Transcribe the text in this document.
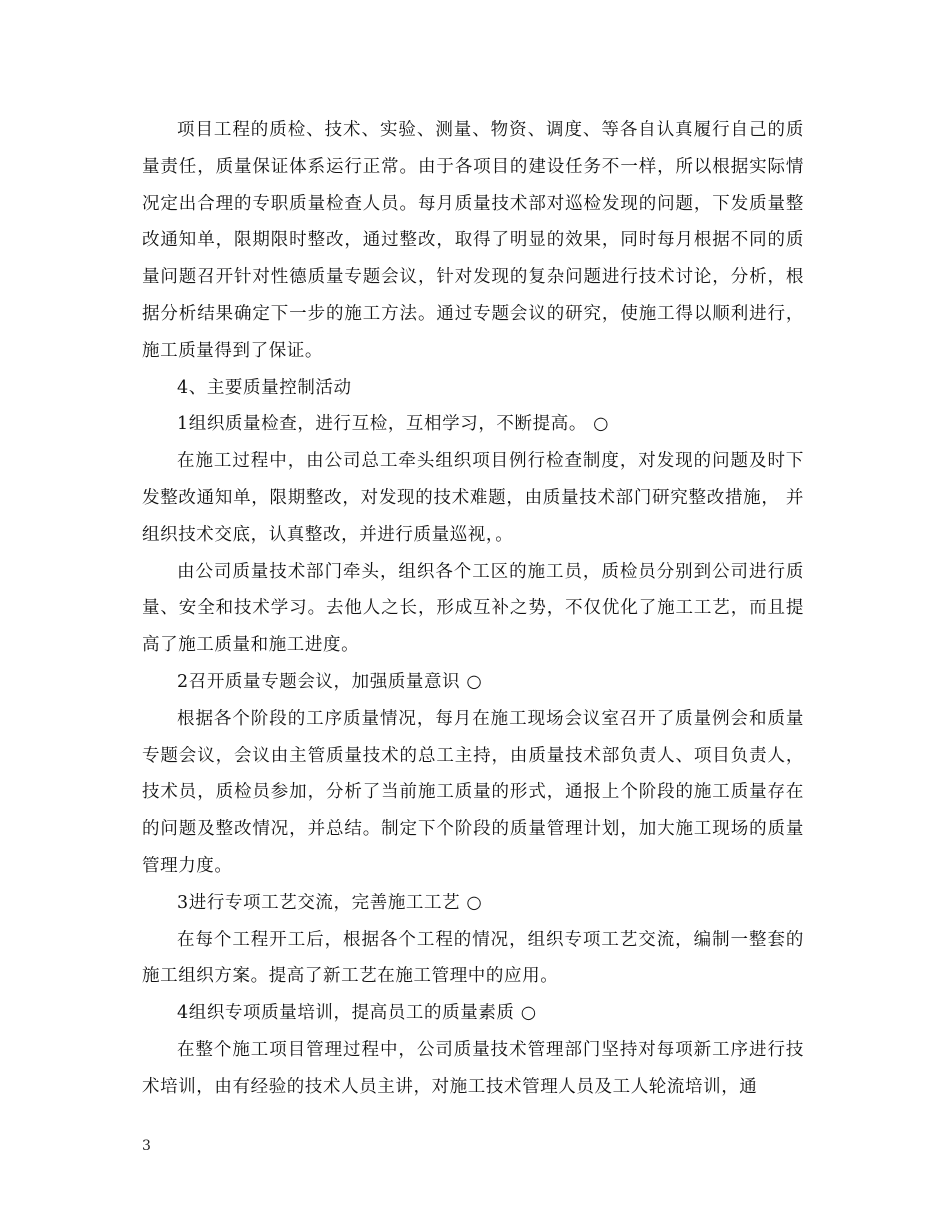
项目工程的质检、技术、实验、测量、物资、调度、等各自认真履行自己的质量责任，质量保证体系运行正常。由于各项目的建设任务不一样，所以根据实际情况定出合理的专职质量检查人员。每月质量技术部对巡检发现的问题，下发质量整改通知单，限期限时整改，通过整改，取得了明显的效果，同时每月根据不同的质量问题召开针对性德质量专题会议，针对发现的复杂问题进行技术讨论，分析，根据分析结果确定下一步的施工方法。通过专题会议的研究，使施工得以顺利进行，施工质量得到了保证。

4、主要质量控制活动

1组织质量检查，进行互检，互相学习，不断提高。 ○

在施工过程中，由公司总工牵头组织项目例行检查制度，对发现的问题及时下发整改通知单，限期整改，对发现的技术难题，由质量技术部门研究整改措施， 并组织技术交底，认真整改，并进行质量巡视，。

由公司质量技术部门牵头，组织各个工区的施工员，质检员分别到公司进行质量、安全和技术学习。去他人之长，形成互补之势，不仅优化了施工工艺，而且提高了施工质量和施工进度。

2召开质量专题会议，加强质量意识 ○

根据各个阶段的工序质量情况，每月在施工现场会议室召开了质量例会和质量专题会议，会议由主管质量技术的总工主持，由质量技术部负责人、项目负责人，技术员，质检员参加，分析了当前施工质量的形式，通报上个阶段的施工质量存在的问题及整改情况，并总结。制定下个阶段的质量管理计划，加大施工现场的质量管理力度。

3进行专项工艺交流，完善施工工艺 ○

在每个工程开工后，根据各个工程的情况，组织专项工艺交流，编制一整套的施工组织方案。提高了新工艺在施工管理中的应用。

4组织专项质量培训，提高员工的质量素质 ○

在整个施工项目管理过程中，公司质量技术管理部门坚持对每项新工序进行技术培训，由有经验的技术人员主讲，对施工技术管理人员及工人轮流培训，通

3
